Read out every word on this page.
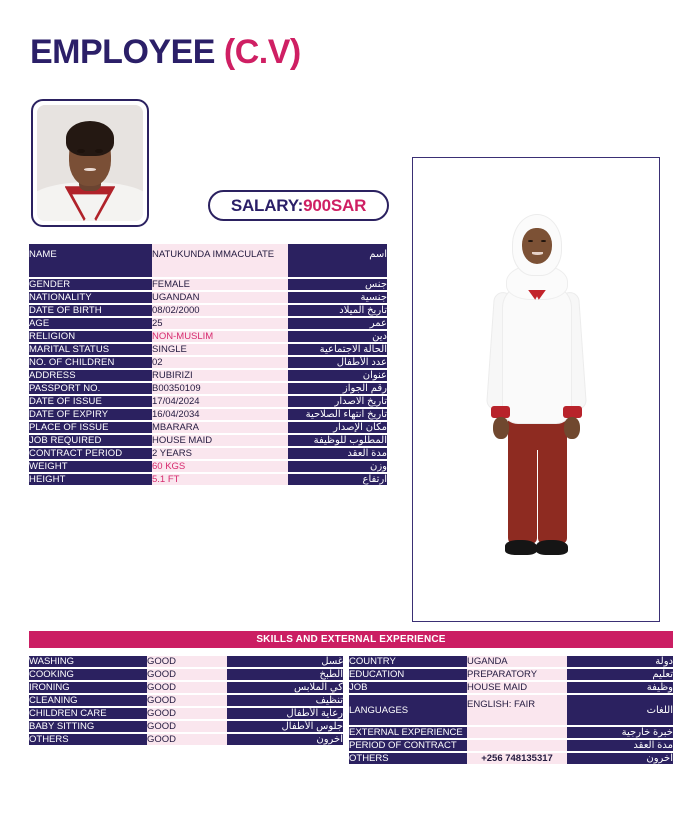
EMPLOYEE (C.V)
SALARY: 900SAR
NAME	NATUKUNDA IMMACULATE	اسم
GENDER	FEMALE	جنس
NATIONALITY	UGANDAN	جنسية
DATE OF BIRTH	08/02/2000	تاريخ الميلاد
AGE	25	عمر
RELIGION	NON-MUSLIM	دين
MARITAL STATUS	SINGLE	الحالة الاجتماعية
NO. OF CHILDREN	02	عدد الأطفال
ADDRESS	RUBIRIZI	عنوان
PASSPORT NO.	B00350109	رقم الجواز
DATE OF ISSUE	17/04/2024	تاريخ الاصدار
DATE OF EXPIRY	16/04/2034	تاريخ انتهاء الصلاحية
PLACE OF ISSUE	MBARARA	مكان الإصدار
JOB REQUIRED	HOUSE MAID	المطلوب للوظيفة
CONTRACT PERIOD	2 YEARS	مدة العقد
WEIGHT	60 KGS	وزن
HEIGHT	5.1 FT	ارتفاع
SKILLS AND EXTERNAL EXPERIENCE
WASHING	GOOD	غسل
COOKING	GOOD	الطبخ
IRONING	GOOD	كي الملابس
CLEANING	GOOD	تنظيف
CHILDREN CARE	GOOD	رعاية الأطفال
BABY SITTING	GOOD	جلوس الأطفال
OTHERS	GOOD	آخرون
COUNTRY	UGANDA	دولة
EDUCATION	PREPARATORY	تعليم
JOB	HOUSE MAID	وظيفة
LANGUAGES	ENGLISH: FAIR	اللغات
EXTERNAL EXPERIENCE		خبرة خارجية
PERIOD OF CONTRACT		مدة العقد
OTHERS	+256 748135317	آخرون
